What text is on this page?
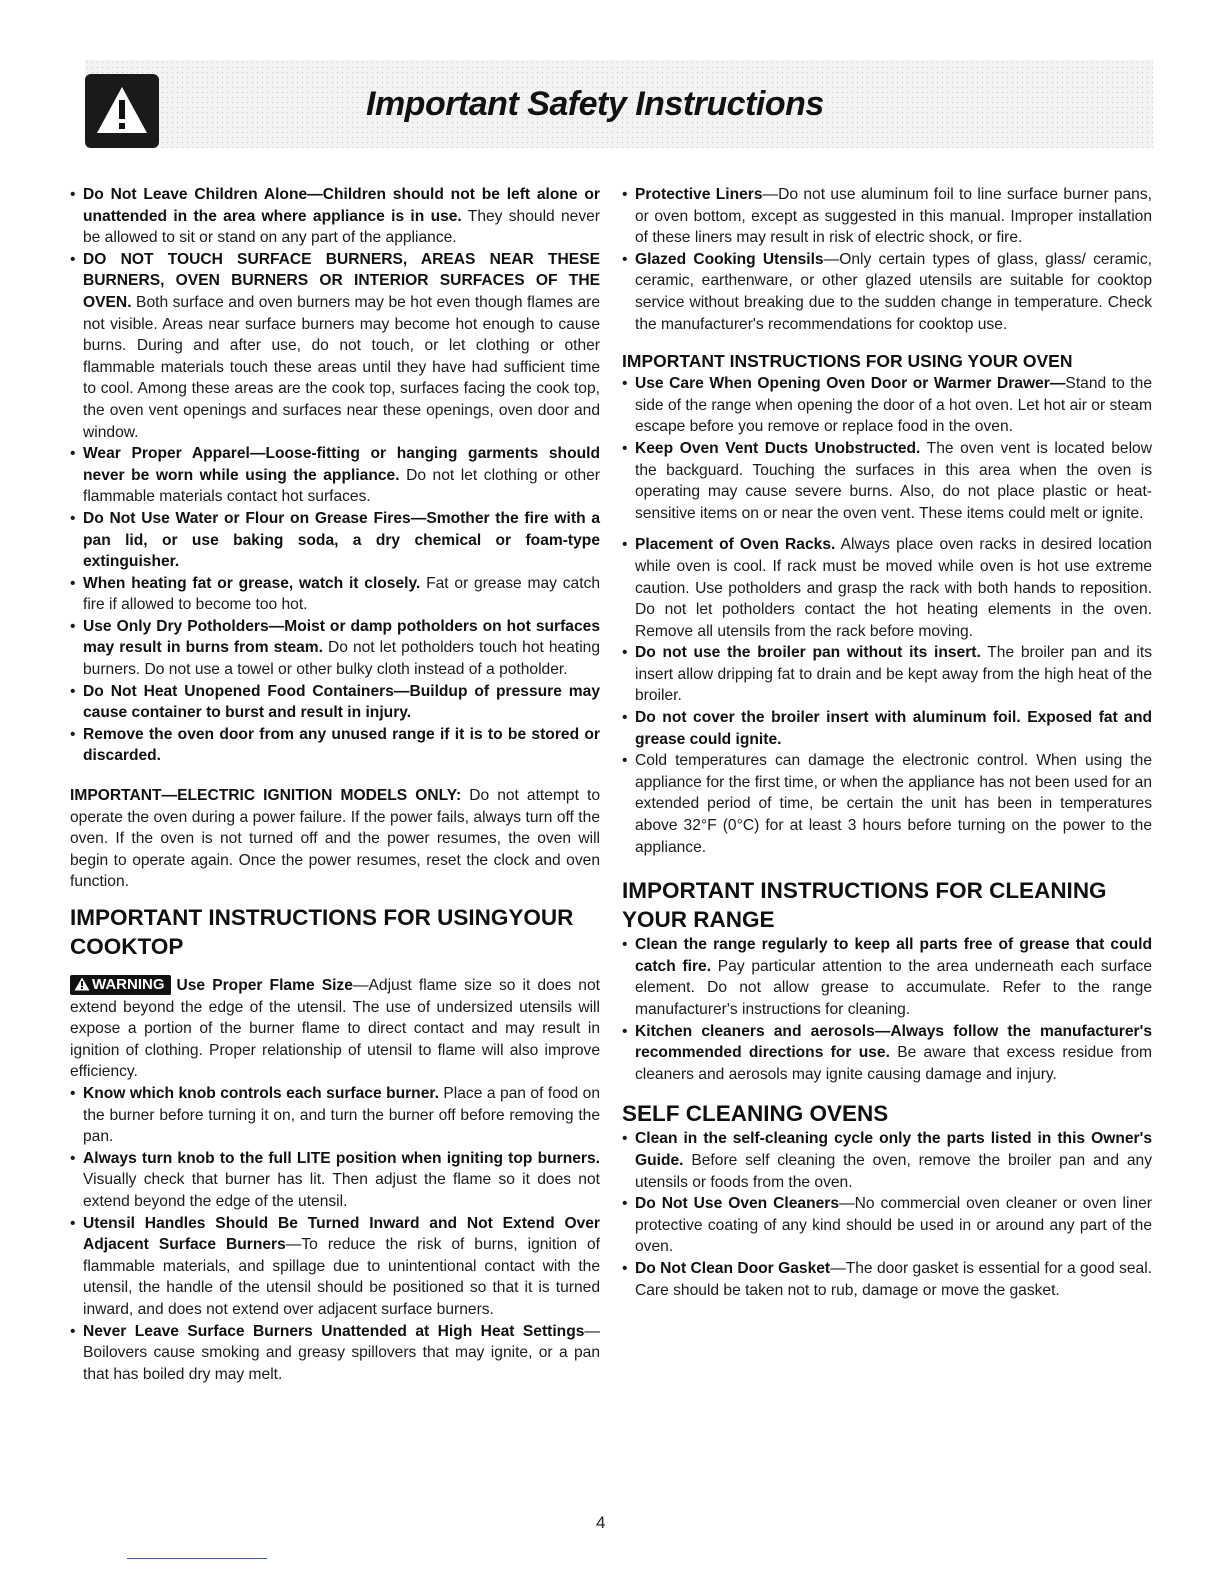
Important Safety Instructions

• Do Not Leave Children Alone—Children should not be left alone or unattended in the area where appliance is in use. They should never be allowed to sit or stand on any part of the appliance.

• DO NOT TOUCH SURFACE BURNERS, AREAS NEAR THESE BURNERS, OVEN BURNERS OR INTERIOR SURFACES OF THE OVEN. Both surface and oven burners may be hot even though flames are not visible. Areas near surface burners may become hot enough to cause burns. During and after use, do not touch, or let clothing or other flammable materials touch these areas until they have had sufficient time to cool. Among these areas are the cook top, surfaces facing the cook top, the oven vent openings and surfaces near these openings, oven door and window.

• Wear Proper Apparel—Loose-fitting or hanging garments should never be worn while using the appliance. Do not let clothing or other flammable materials contact hot surfaces.

• Do Not Use Water or Flour on Grease Fires—Smother the fire with a pan lid, or use baking soda, a dry chemical or foam-type extinguisher.

• When heating fat or grease, watch it closely. Fat or grease may catch fire if allowed to become too hot.

• Use Only Dry Potholders—Moist or damp potholders on hot surfaces may result in burns from steam. Do not let potholders touch hot heating burners. Do not use a towel or other bulky cloth instead of a potholder.

• Do Not Heat Unopened Food Containers—Buildup of pressure may cause container to burst and result in injury.

• Remove the oven door from any unused range if it is to be stored or discarded.

IMPORTANT—ELECTRIC IGNITION MODELS ONLY: Do not attempt to operate the oven during a power failure. If the power fails, always turn off the oven. If the oven is not turned off and the power resumes, the oven will begin to operate again. Once the power resumes, reset the clock and oven function.

IMPORTANT INSTRUCTIONS FOR USINGYOUR COOKTOP

WARNING Use Proper Flame Size—Adjust flame size so it does not extend beyond the edge of the utensil. The use of undersized utensils will expose a portion of the burner flame to direct contact and may result in ignition of clothing. Proper relationship of utensil to flame will also improve efficiency.

• Know which knob controls each surface burner. Place a pan of food on the burner before turning it on, and turn the burner off before removing the pan.

• Always turn knob to the full LITE position when igniting top burners. Visually check that burner has lit. Then adjust the flame so it does not extend beyond the edge of the utensil.

• Utensil Handles Should Be Turned Inward and Not Extend Over Adjacent Surface Burners—To reduce the risk of burns, ignition of flammable materials, and spillage due to unintentional contact with the utensil, the handle of the utensil should be positioned so that it is turned inward, and does not extend over adjacent surface burners.

• Never Leave Surface Burners Unattended at High Heat Settings—Boilovers cause smoking and greasy spillovers that may ignite, or a pan that has boiled dry may melt.

• Protective Liners—Do not use aluminum foil to line surface burner pans, or oven bottom, except as suggested in this manual. Improper installation of these liners may result in risk of electric shock, or fire.

• Glazed Cooking Utensils—Only certain types of glass, glass/ ceramic, ceramic, earthenware, or other glazed utensils are suitable for cooktop service without breaking due to the sudden change in temperature. Check the manufacturer's recommendations for cooktop use.

IMPORTANT INSTRUCTIONS FOR USING YOUR OVEN

• Use Care When Opening Oven Door or Warmer Drawer—Stand to the side of the range when opening the door of a hot oven. Let hot air or steam escape before you remove or replace food in the oven.

• Keep Oven Vent Ducts Unobstructed. The oven vent is located below the backguard. Touching the surfaces in this area when the oven is operating may cause severe burns. Also, do not place plastic or heat-sensitive items on or near the oven vent. These items could melt or ignite.

• Placement of Oven Racks. Always place oven racks in desired location while oven is cool. If rack must be moved while oven is hot use extreme caution. Use potholders and grasp the rack with both hands to reposition. Do not let potholders contact the hot heating elements in the oven. Remove all utensils from the rack before moving.

• Do not use the broiler pan without its insert. The broiler pan and its insert allow dripping fat to drain and be kept away from the high heat of the broiler.

• Do not cover the broiler insert with aluminum foil. Exposed fat and grease could ignite.

• Cold temperatures can damage the electronic control. When using the appliance for the first time, or when the appliance has not been used for an extended period of time, be certain the unit has been in temperatures above 32°F (0°C) for at least 3 hours before turning on the power to the appliance.

IMPORTANT INSTRUCTIONS FOR CLEANING YOUR RANGE

• Clean the range regularly to keep all parts free of grease that could catch fire. Pay particular attention to the area underneath each surface element. Do not allow grease to accumulate. Refer to the range manufacturer's instructions for cleaning.

• Kitchen cleaners and aerosols—Always follow the manufacturer's recommended directions for use. Be aware that excess residue from cleaners and aerosols may ignite causing damage and injury.

SELF CLEANING OVENS

• Clean in the self-cleaning cycle only the parts listed in this Owner's Guide. Before self cleaning the oven, remove the broiler pan and any utensils or foods from the oven.

• Do Not Use Oven Cleaners—No commercial oven cleaner or oven liner protective coating of any kind should be used in or around any part of the oven.

• Do Not Clean Door Gasket—The door gasket is essential for a good seal. Care should be taken not to rub, damage or move the gasket.

4
